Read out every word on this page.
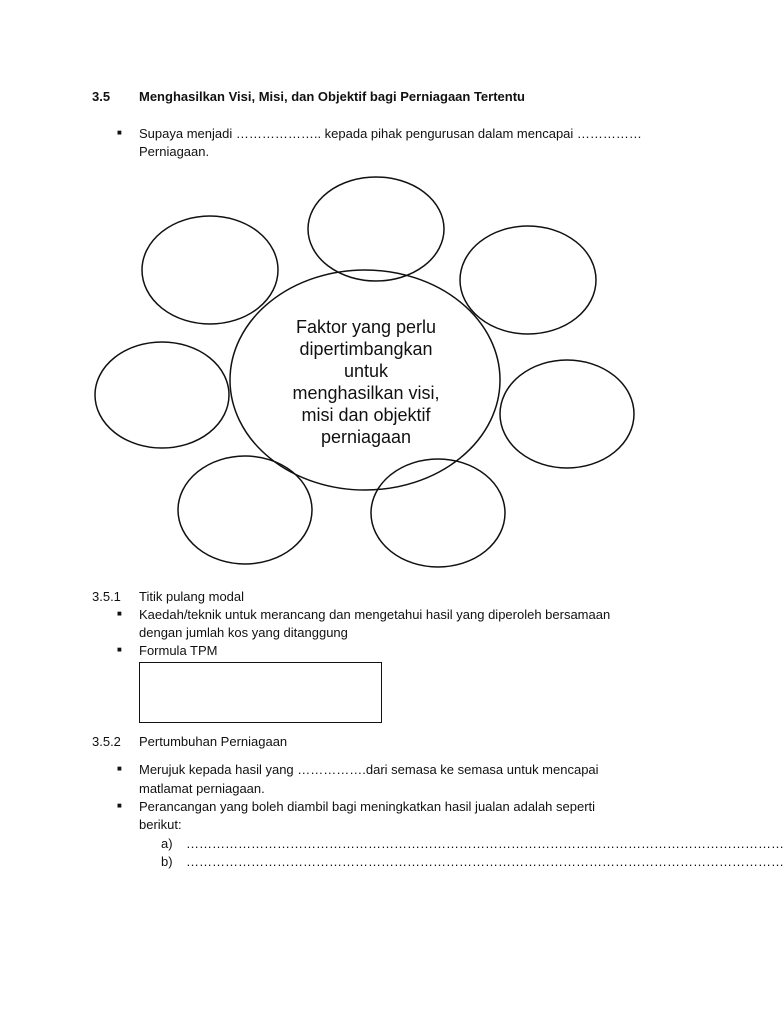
3.5 Menghasilkan Visi, Misi, dan Objektif bagi Perniagaan Tertentu
■ Supaya menjadi ……………….. kepada pihak pengurusan dalam mencapai ……………
Perniagaan.
Faktor yang perlu
dipertimbangkan
untuk
menghasilkan visi,
misi dan objektif
perniagaan
3.5.1 Titik pulang modal
■ Kaedah/teknik untuk merancang dan mengetahui hasil yang diperoleh bersamaan
dengan jumlah kos yang ditanggung
■ Formula TPM
3.5.2 Pertumbuhan Perniagaan
■ Merujuk kepada hasil yang …………….dari semasa ke semasa untuk mencapai
matlamat perniagaan.
■ Perancangan yang boleh diambil bagi meningkatkan hasil jualan adalah seperti
berikut:
a) …………………………………………………………………………………………………………………………
b) …………………………………………………………………………………………………………………………
